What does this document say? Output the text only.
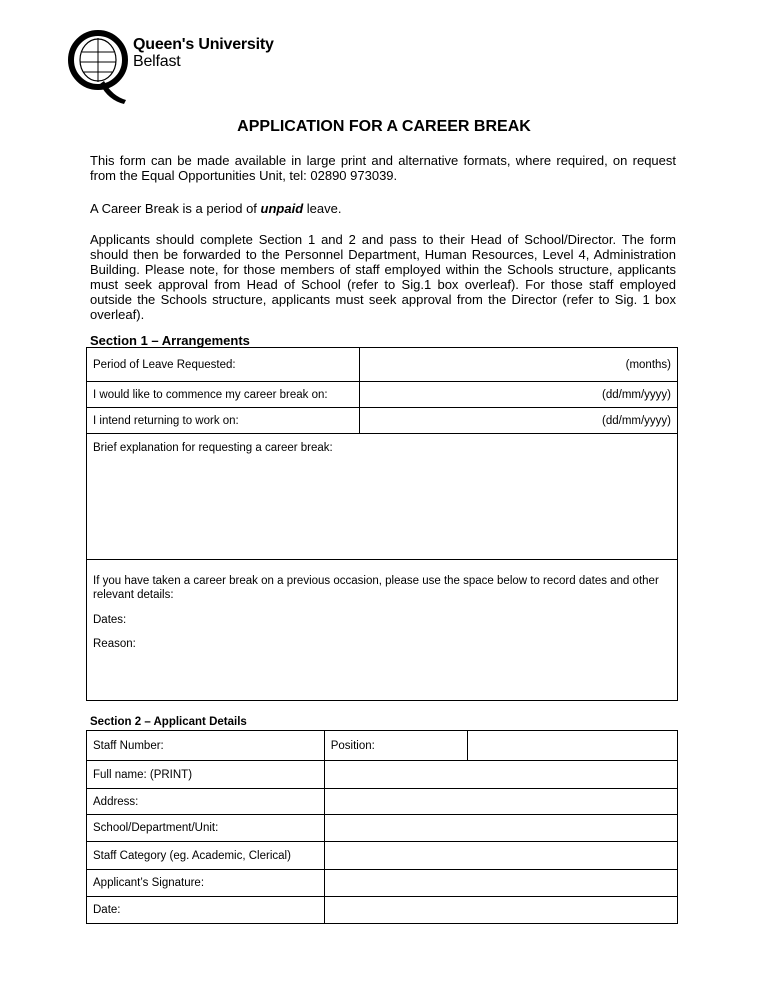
Queen's University
Belfast
APPLICATION FOR A CAREER BREAK
This form can be made available in large print and alternative formats, where required, on request from the Equal Opportunities Unit, tel: 02890 973039.
A Career Break is a period of unpaid leave.
Applicants should complete Section 1 and 2 and pass to their Head of School/Director. The form should then be forwarded to the Personnel Department, Human Resources, Level 4, Administration Building. Please note, for those members of staff employed within the Schools structure, applicants must seek approval from Head of School (refer to Sig.1 box overleaf). For those staff employed outside the Schools structure, applicants must seek approval from the Director (refer to Sig. 1 box overleaf).
Section 1 – Arrangements
Period of Leave Requested:	(months)
I would like to commence my career break on:	(dd/mm/yyyy)
I intend returning to work on:	(dd/mm/yyyy)
Brief explanation for requesting a career break:	

If you have taken a career break on a previous occasion, please use the space below to record dates and other relevant details:
Dates:
Reason:	
Section 2 – Applicant Details
Staff Number:	Position:	
Full name: (PRINT)		
Address:		
School/Department/Unit:		
Staff Category (eg. Academic, Clerical)		
Applicant’s Signature:		
Date:		
